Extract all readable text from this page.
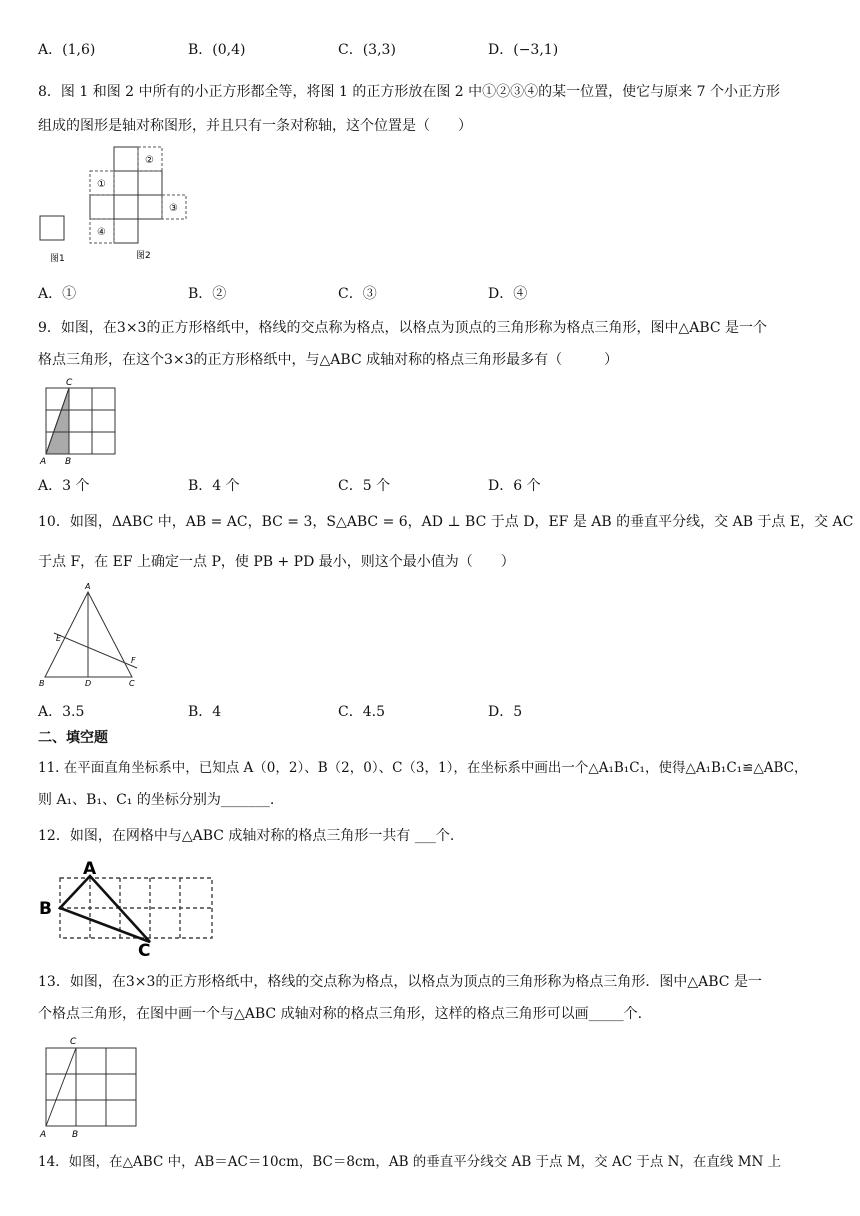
A．(1,6)	B．(0,4)	C．(3,3)	D．(−3,1)
8．图 1 和图 2 中所有的小正方形都全等，将图 1 的正方形放在图 2 中①②③④的某一位置，使它与原来 7 个小正方形
组成的图形是轴对称图形，并且只有一条对称轴，这个位置是（　　）
图1
①
②
③
④
图2
A．①	B．②	C．③	D．④
9．如图，在3×3的正方形格纸中，格线的交点称为格点，以格点为顶点的三角形称为格点三角形，图中△ABC 是一个
格点三角形，在这个3×3的正方形格纸中，与△ABC 成轴对称的格点三角形最多有（　　　）
C
A B
A．3 个	B．4 个	C．5 个	D．6 个
10．如图，ΔABC 中，AB = AC，BC = 3，S△ABC = 6，AD ⊥ BC 于点 D，EF 是 AB 的垂直平分线，交 AB 于点 E，交 AC
于点 F，在 EF 上确定一点 P，使 PB + PD 最小，则这个最小值为（　　）
A
B	C
D
E
F
A．3.5	B．4	C．4.5	D．5
二、填空题
11. 在平面直角坐标系中，已知点 A（0，2）、B（2，0）、C（3，1），在坐标系中画出一个△A₁B₁C₁，使得△A₁B₁C₁≌△ABC，
则 A₁、B₁、C₁ 的坐标分别为_______.
12．如图，在网格中与△ABC 成轴对称的格点三角形一共有 ___个.
A
B
C
13．如图，在3×3的正方形格纸中，格线的交点称为格点，以格点为顶点的三角形称为格点三角形．图中△ABC 是一
个格点三角形，在图中画一个与△ABC 成轴对称的格点三角形，这样的格点三角形可以画_____个.
C
A	B
14．如图，在△ABC 中，AB＝AC＝10cm，BC＝8cm，AB 的垂直平分线交 AB 于点 M，交 AC 于点 N，在直线 MN 上
